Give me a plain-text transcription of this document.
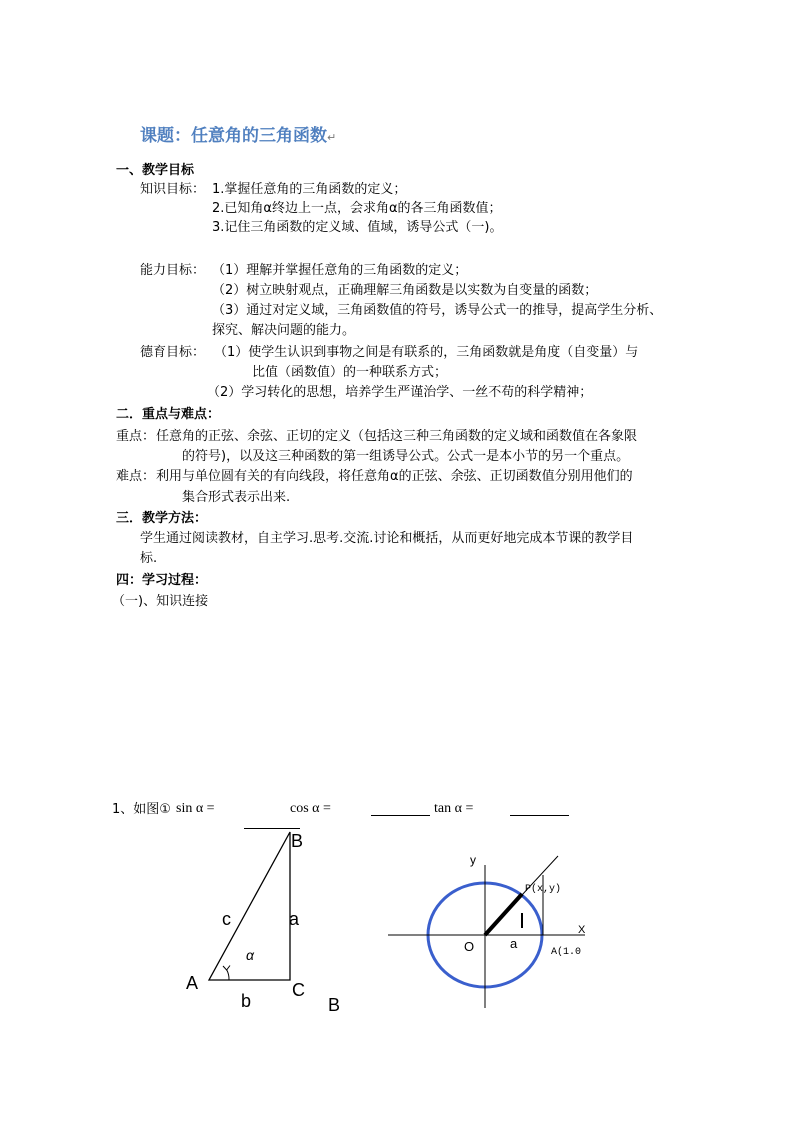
课题：任意角的三角函数↵
一、教学目标
知识目标： 1.掌握任意角的三角函数的定义；
2.已知角α终边上一点，会求角α的各三角函数值；
3.记住三角函数的定义域、值域，诱导公式（一)。
能力目标： （1）理解并掌握任意角的三角函数的定义；
（2）树立映射观点，正确理解三角函数是以实数为自变量的函数；
（3）通过对定义域，三角函数值的符号，诱导公式一的推导，提高学生分析、
探究、解决问题的能力。
德育目标： （1）使学生认识到事物之间是有联系的，三角函数就是角度（自变量）与
比值（函数值）的一种联系方式；
（2）学习转化的思想，培养学生严谨治学、一丝不苟的科学精神；
二．重点与难点：
重点： 任意角的正弦、余弦、正切的定义（包括这三种三角函数的定义域和函数值在各象限
的符号)，以及这三种函数的第一组诱导公式。公式一是本小节的另一个重点。
难点： 利用与单位圆有关的有向线段，将任意角α的正弦、余弦、正切函数值分别用他们的
集合形式表示出来.
三．教学方法：
学生通过阅读教材，自主学习.思考.交流.讨论和概括，从而更好地完成本节课的教学目
标.
四：学习过程：
（一)、知识连接
1、如图① sin α =	cos α =	tan α =
A
B
C
c	a
b
α
B
y
X
O	a
P(x,y)
A(1.0
